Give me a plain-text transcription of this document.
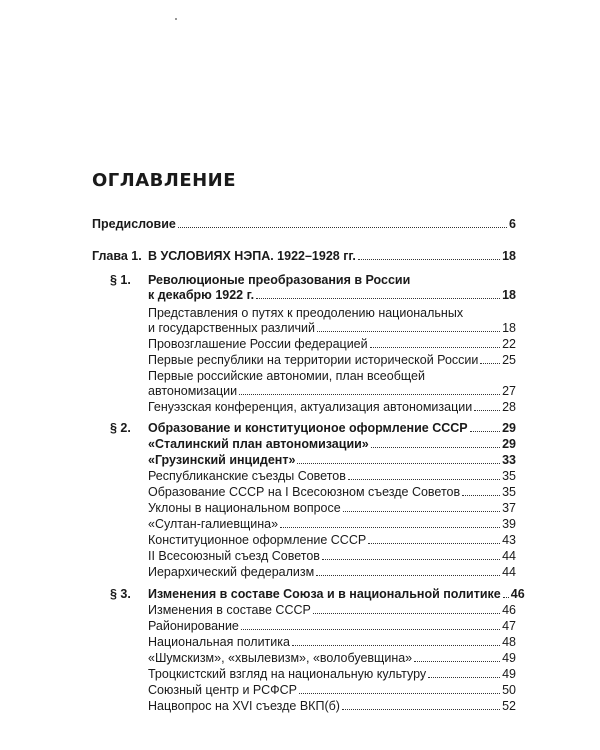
ОГЛАВЛЕНИЕ
Предисловие	6
Глава 1. В УСЛОВИЯХ НЭПА. 1922–1928 гг.	18
§ 1. Революционые преобразования в России
к декабрю 1922 г.	18
Представления о путях к преодолению национальных
и государственных различий	18
Провозглашение России федерацией	22
Первые республики на территории исторической России 25
Первые российские автономии, план всеобщей
автономизации	27
Генуэзская конференция, актуализация автономизации 28
§ 2. Образование и конституционое оформление СССР	29
«Сталинский план автономизации»	29
«Грузинский инцидент»	33
Республиканские съезды Советов	35
Образование СССР на I Всесоюзном съезде Советов	35
Уклоны в национальном вопросе	37
«Султан-галиевщина»	39
Конституционное оформление СССР	43
II Всесоюзный съезд Советов	44
Иерархический федерализм	44
§ 3. Изменения в составе Союза и в национальной политике 46
Изменения в составе СССР	46
Районирование	47
Национальная политика	48
«Шумскизм», «хвылевизм», «волобуевщина»	49
Троцкистский взгляд на национальную культуру	49
Союзный центр и РСФСР	50
Нацвопрос на XVI съезде ВКП(б)	52
